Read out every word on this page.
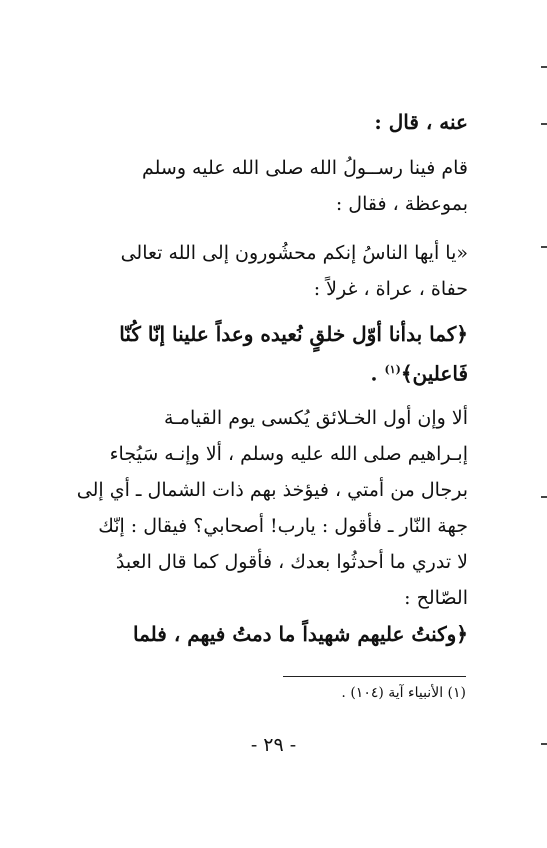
عنه ، قال :
قام فينا رســولُ الله صلى الله عليه وسلم
بموعظة ، فقال :
«يا أيها الناسُ إنكم محشُورون إلى الله تعالى
حفاة ، عراة ، غرلاً :
﴿كما بدأنا أوّل خلقٍ نُعيده وعداً علينا إنّا كُنّا
فَاعلين﴾$^{(١)}$ .
ألا وإن أول الخـلائق يُكسى يوم القيامـة
إبـراهيم صلى الله عليه وسلم ، ألا وإنـه سَيُجاء
برجال من أمتي ، فيؤخذ بهم ذات الشمال ـ أي إلى
جهة النّار ـ فأقول : يارب! أصحابي؟ فيقال : إنّك
لا تدري ما أحدثُوا بعدك ، فأقول كما قال العبدُ
الصّالح :
﴿وكنتُ عليهم شهيداً ما دمتُ فيهم ، فلما
(١) الأنبياء آية (١٠٤) .
- ٢٩ -
